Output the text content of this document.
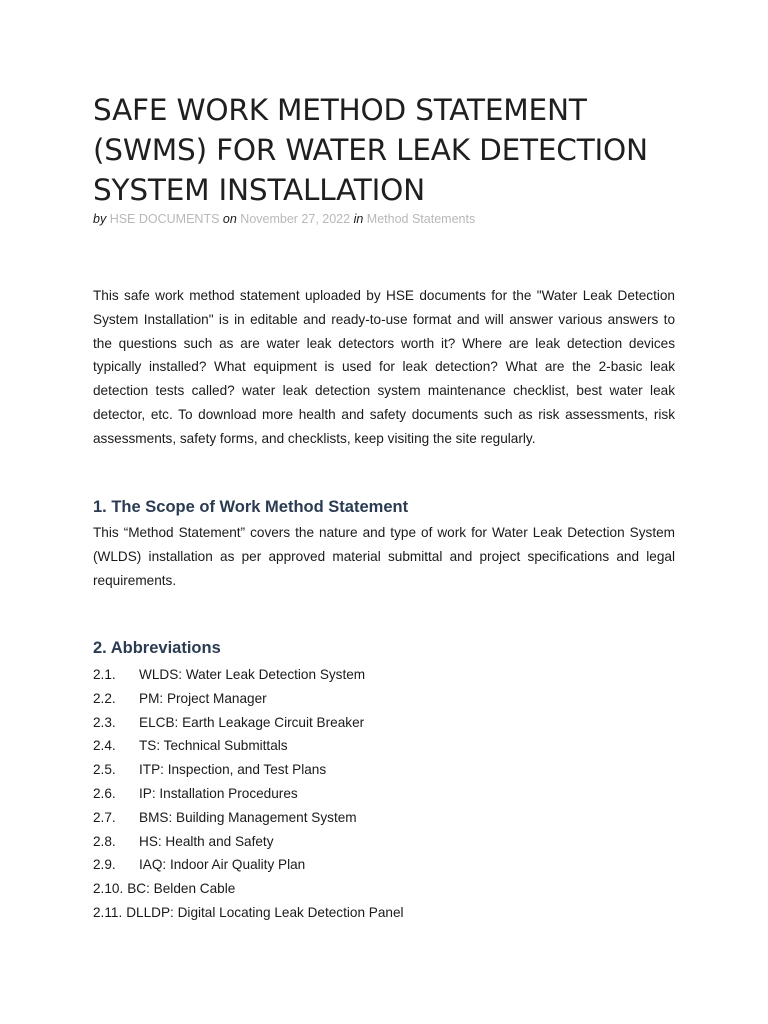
SAFE WORK METHOD STATEMENT (SWMS) FOR WATER LEAK DETECTION SYSTEM INSTALLATION
by HSE DOCUMENTS on November 27, 2022 in Method Statements

This safe work method statement uploaded by HSE documents for the "Water Leak Detection System Installation" is in editable and ready-to-use format and will answer various answers to the questions such as are water leak detectors worth it? Where are leak detection devices typically installed? What equipment is used for leak detection? What are the 2-basic leak detection tests called? water leak detection system maintenance checklist, best water leak detector, etc. To download more health and safety documents such as risk assessments, risk assessments, safety forms, and checklists, keep visiting the site regularly.

1. The Scope of Work Method Statement

This “Method Statement” covers the nature and type of work for Water Leak Detection System (WLDS) installation as per approved material submittal and project specifications and legal requirements.

2. Abbreviations
2.1.	WLDS: Water Leak Detection System
2.2.	PM: Project Manager
2.3.	ELCB: Earth Leakage Circuit Breaker
2.4.	TS: Technical Submittals
2.5.	ITP: Inspection, and Test Plans
2.6.	IP: Installation Procedures
2.7.	BMS: Building Management System
2.8.	HS: Health and Safety
2.9.	IAQ: Indoor Air Quality Plan
2.10. BC: Belden Cable
2.11. DLLDP: Digital Locating Leak Detection Panel
